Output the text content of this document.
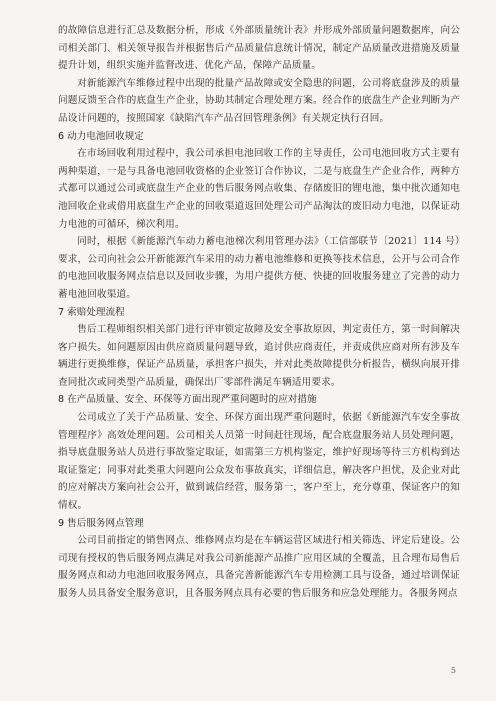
的故障信息进行汇总及数据分析，形成《外部质量统计表》并形成外部质量问题数据库，向公司相关部门、相关领导报告并根据售后产品质量信息统计情况，制定产品质量改进措施及质量提升计划，组织实施并监督改进、优化产品，保障产品质量。

对新能源汽车维修过程中出现的批量产品故障或安全隐患的问题，公司将底盘涉及的质量问题反馈至合作的底盘生产企业，协助其制定合理处理方案。经合作的底盘生产企业判断为产品设计问题的，按照国家《缺陷汽车产品召回管理条例》有关规定执行召回。

6 动力电池回收规定

在市场回收利用过程中，我公司承担电池回收工作的主导责任，公司电池回收方式主要有两种渠道，一是与具备电池回收资格的企业签订合作协议，二是与底盘生产企业合作，两种方式都可以通过公司或底盘生产企业的售后服务网点收集、存储废旧的锂电池，集中批次通知电池回收企业或借用底盘生产企业的回收渠道返回处理公司产品淘汰的废旧动力电池，以保证动力电池的可循环，梯次利用。

同时，根据《新能源汽车动力蓄电池梯次利用管理办法》（工信部联节〔2021〕114 号）要求，公司向社会公开新能源汽车采用的动力蓄电池维修和更换等技术信息，公开与公司合作的电池回收服务网点信息以及回收步骤，为用户提供方便、快捷的回收服务建立了完善的动力蓄电池回收渠道。

7 索赔处理流程

售后工程师组织相关部门进行评审锁定故障及安全事故原因，判定责任方，第一时间解决客户损失。如问题原因由供应商质量问题导致，追讨供应商责任，并责成供应商对所有涉及车辆进行更换维修，保证产品质量，承担客户损失，并对此类故障提供分析报告，横纵向展开排查同批次或同类型产品质量，确保出厂零部件满足车辆适用要求。

8 在产品质量、安全、环保等方面出现严重问题时的应对措施

公司成立了关于产品质量、安全、环保方面出现严重问题时，依据《新能源汽车安全事故管理程序》高效处理问题。公司相关人员第一时间赶往现场，配合底盘服务站人员处理问题，指导底盘服务站人员进行事故鉴定取证，如需第三方机构鉴定，维护好现场等待三方机构到达取证鉴定；同事对此类重大问题向公众发布事故真实，详细信息，解决客户担忧，及企业对此的应对解决方案向社会公开，做到诚信经营，服务第一，客户至上，充分尊重、保证客户的知情权。

9 售后服务网点管理

公司目前指定的销售网点、维修网点均是在车辆运营区域进行相关筛选、评定后建设。公司现有授权的售后服务网点满足对我公司新能源产品推广应用区域的全覆盖，且合理布局售后服务网点和动力电池回收服务网点，具备完善新能源汽车专用检测工具与设备，通过培训保证服务人员具备安全服务意识，且各服务网点具有必要的售后服务和应急处理能力。各服务网点

5
